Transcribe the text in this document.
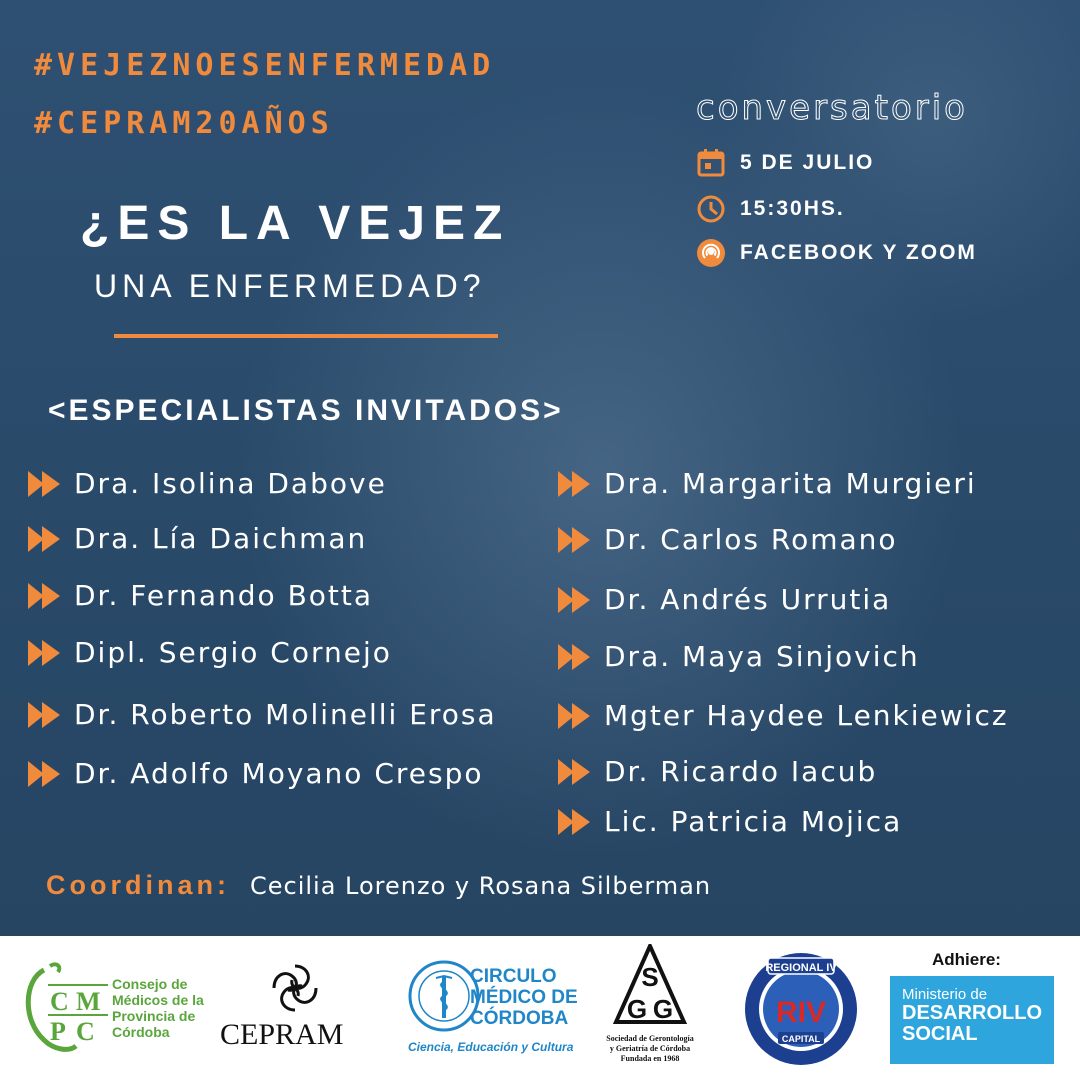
#VEJEZNOESENFERMEDAD
#CEPRAM20AÑOS	conversatorio
5 DE JULIO
15:30HS.
FACEBOOK Y ZOOM
¿ES LA VEJEZ
UNA ENFERMEDAD?
<ESPECIALISTAS INVITADOS>
Dra. Isolina Dabove
Dra. Lía Daichman
Dr. Fernando Botta
Dipl. Sergio Cornejo
Dr. Roberto Molinelli Erosa
Dr. Adolfo Moyano Crespo
Dra. Margarita Murgieri
Dr. Carlos Romano
Dr. Andrés Urrutia
Dra. Maya Sinjovich
Mgter Haydee Lenkiewicz
Dr. Ricardo Iacub
Lic. Patricia Mojica
Coordinan: Cecilia Lorenzo y Rosana Silberman
C M
P C
Consejo de
Médicos de la
Provincia de
Córdoba	CEPRAM
CIRCULO
MÉDICO DE
CÓRDOBA
Ciencia, Educación y Cultura
S
G G
Sociedad de Gerontología
y Geriatría de Córdoba
Fundada en 1968
REGIONAL IV
RIV
CAPITAL
Adhiere:
Ministerio de
DESARROLLO
SOCIAL
